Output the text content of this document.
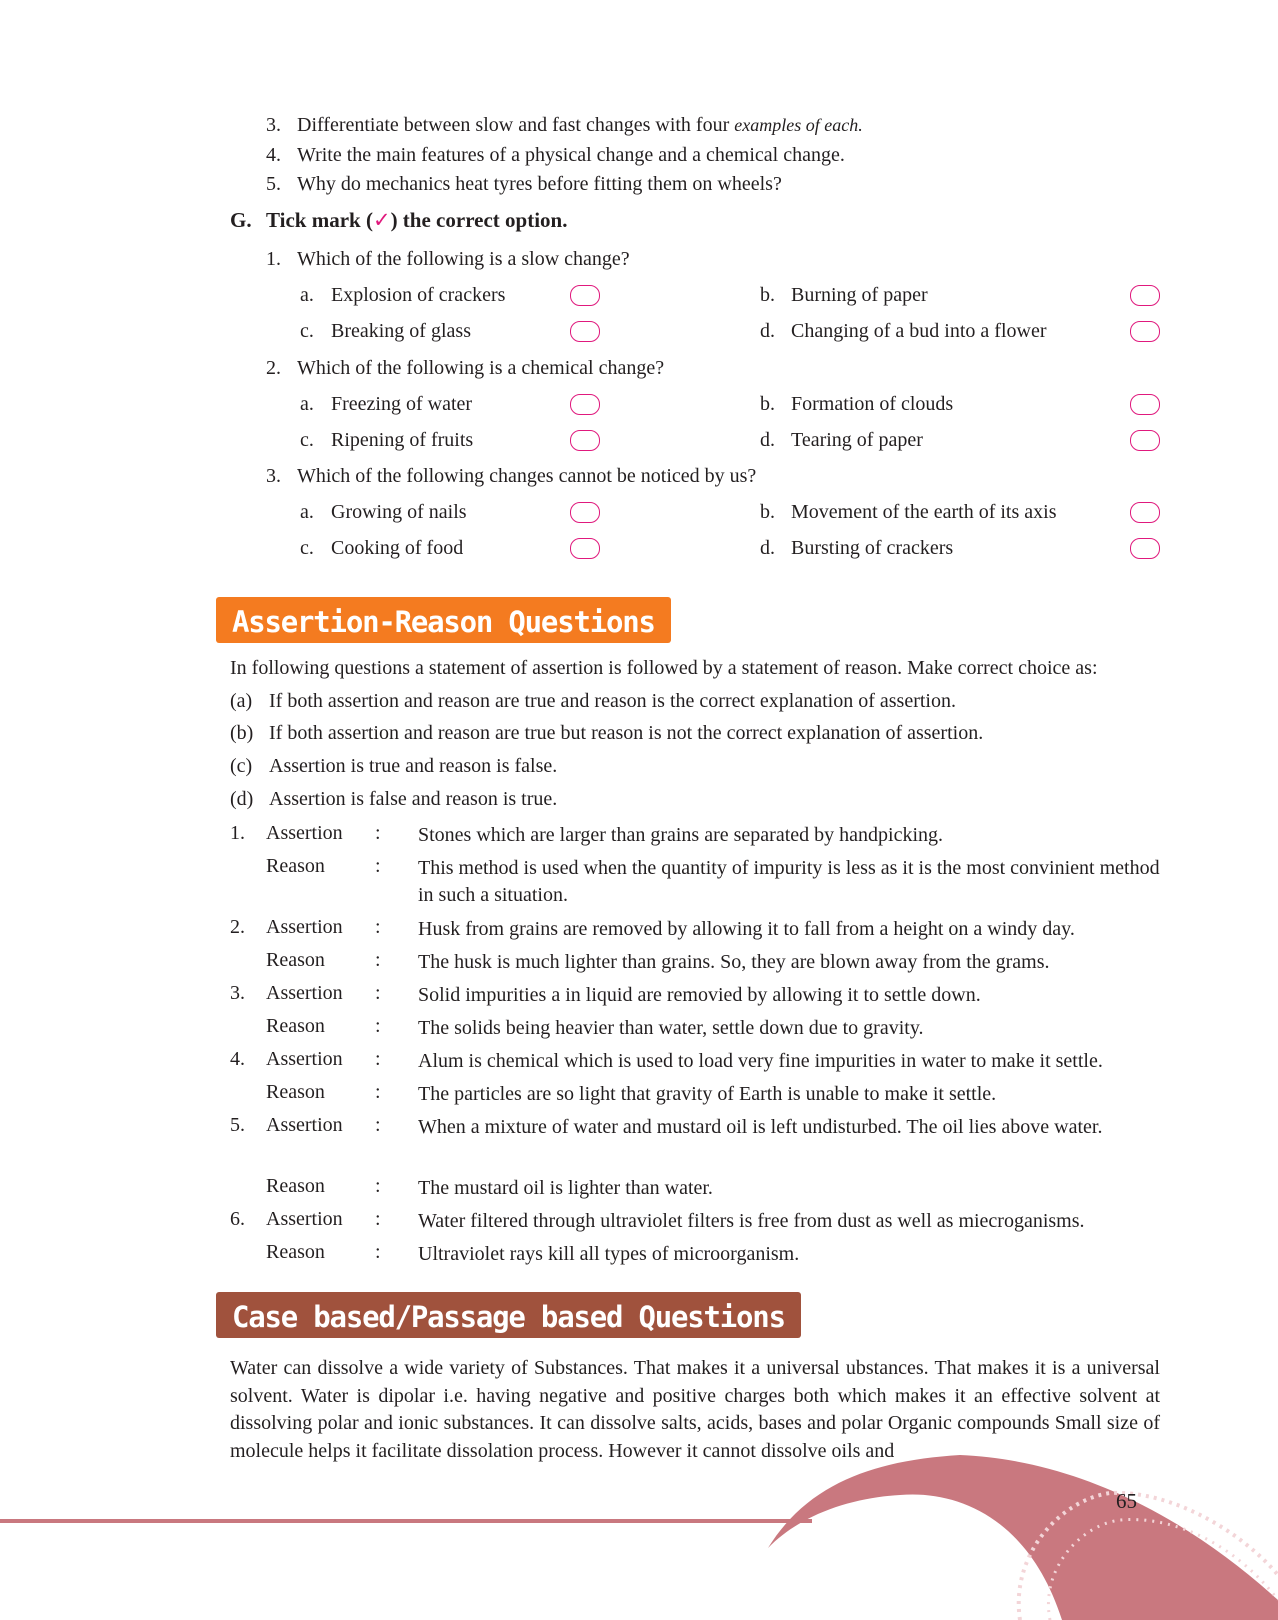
3. Differentiate between slow and fast changes with four examples of each.
4. Write the main features of a physical change and a chemical change.
5. Why do mechanics heat tyres before fitting them on wheels?
G. Tick mark (✓) the correct option.
1. Which of the following is a slow change?
a. Explosion of crackers	b. Burning of paper
c. Breaking of glass	d. Changing of a bud into a flower
2. Which of the following is a chemical change?
a. Freezing of water	b. Formation of clouds
c. Ripening of fruits	d. Tearing of paper
3. Which of the following changes cannot be noticed by us?
a. Growing of nails	b. Movement of the earth of its axis
c. Cooking of food	d. Bursting of crackers
Assertion-Reason Questions
In following questions a statement of assertion is followed by a statement of reason. Make correct choice as:
(a) If both assertion and reason are true and reason is the correct explanation of assertion.
(b) If both assertion and reason are true but reason is not the correct explanation of assertion.
(c) Assertion is true and reason is false.
(d) Assertion is false and reason is true.
1. Assertion : Stones which are larger than grains are separated by handpicking.
Reason	: This method is used when the quantity of impurity is less as it is the most convinient method in such a situation.
2. Assertion : Husk from grains are removed by allowing it to fall from a height on a windy day.
Reason	: The husk is much lighter than grains. So, they are blown away from the grams.
3. Assertion : Solid impurities a in liquid are removied by allowing it to settle down.
Reason	: The solids being heavier than water, settle down due to gravity.
4. Assertion : Alum is chemical which is used to load very fine impurities in water to make it settle.
Reason	: The particles are so light that gravity of Earth is unable to make it settle.
5. Assertion : When a mixture of water and mustard oil is left undisturbed. The oil lies above water.
Reason	: The mustard oil is lighter than water.
6. Assertion : Water filtered through ultraviolet filters is free from dust as well as miecroganisms.
Reason	: Ultraviolet rays kill all types of microorganism.
Case based/Passage based Questions
Water can dissolve a wide variety of Substances. That makes it a universal ubstances. That makes it is a universal solvent. Water is dipolar i.e. having negative and positive charges both which makes it an effective solvent at dissolving polar and ionic substances. It can dissolve salts, acids, bases and polar Organic compounds Small size of molecule helps it facilitate dissolation process. However it cannot dissolve oils and
65
